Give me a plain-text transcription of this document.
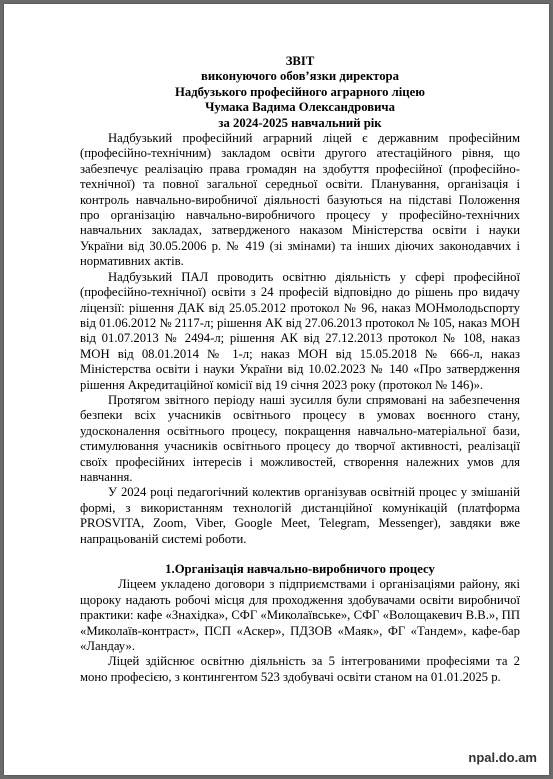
ЗВІТ

виконуючого обов’язки директора

Надбузького професійного аграрного ліцею

Чумака Вадима Олександровича

за 2024-2025 навчальний рік

Надбузький професійний аграрний ліцей є державним професійним (професійно-технічним) закладом освіти другого атестаційного рівня, що забезпечує реалізацію права громадян на здобуття професійної (професійно-технічної) та повної загальної середньої освіти. Планування, організація і контроль навчально-виробничої діяльності базуються на підставі Положення про організацію навчально-виробничого процесу у професійно-технічних навчальних закладах, затвердженого наказом Міністерства освіти і науки України від 30.05.2006 р. № 419 (зі змінами) та інших діючих законодавчих і нормативних актів.

Надбузький ПАЛ проводить освітню діяльність у сфері професійної (професійно-технічної) освіти з 24 професій відповідно до рішень про видачу ліцензії: рішення ДАК від 25.05.2012 протокол № 96, наказ МОНмолодьспорту від 01.06.2012 № 2117-л; рішення АК від 27.06.2013 протокол № 105, наказ МОН від 01.07.2013 № 2494-л; рішення АК від 27.12.2013 протокол № 108, наказ МОН від 08.01.2014 № 1-л; наказ МОН від 15.05.2018 № 666-л, наказ Міністерства освіти і науки України від 10.02.2023 № 140 «Про затвердження рішення Акредитаційної комісії від 19 січня 2023 року (протокол № 146)».

Протягом звітного періоду наші зусилля були спрямовані на забезпечення безпеки всіх учасників освітнього процесу в умовах воєнного стану, удосконалення освітнього процесу, покращення навчально-матеріальної бази, стимулювання учасників освітнього процесу до творчої активності, реалізації своїх професійних інтересів і можливостей, створення належних умов для навчання.

У 2024 році педагогічний колектив організував освітній процес у змішаній формі, з використанням технологій дистанційної комунікацій (платформа PROSVITA, Zoom, Viber, Google Meet, Telegram, Messenger), завдяки вже напрацьованій системі роботи.

1.Організація навчально-виробничого процесу

Ліцеем укладено договори з підприємствами і організаціями району, які щороку надають робочі місця для проходження здобувачами освіти виробничої практики: кафе «Знахідка», СФГ «Миколаївське», СФГ «Волощакевич В.В.», ПП «Миколаїв-контраст», ПСП «Аскер», ПДЗОВ «Маяк», ФГ «Тандем», кафе-бар «Ландау».

Ліцей здійснює освітню діяльність за 5 інтегрованими професіями та 2 моно професією, з контингентом 523 здобувачі освіти станом на 01.01.2025 р.

npal.do.am
